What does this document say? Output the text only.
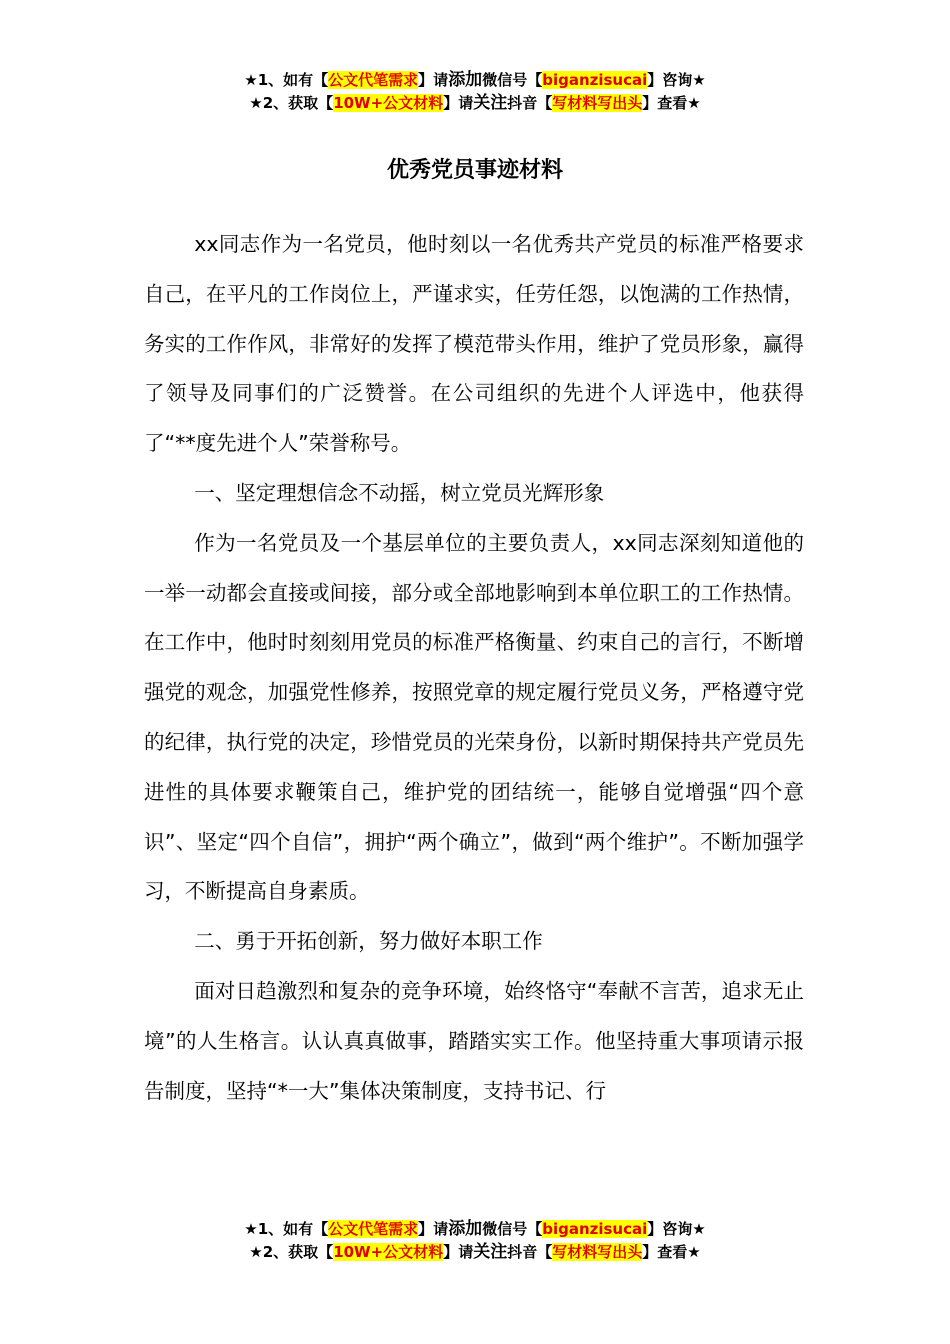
★1、如有【公文代笔需求】请添加微信号【biganzisucai】咨询★
★2、获取【10W+公文材料】请关注抖音【写材料写出头】查看★
优秀党员事迹材料

xx同志作为一名党员，他时刻以一名优秀共产党员的标准严格要求自己，在平凡的工作岗位上，严谨求实，任劳任怨，以饱满的工作热情，务实的工作作风，非常好的发挥了模范带头作用，维护了党员形象，赢得了领导及同事们的广泛赞誉。在公司组织的先进个人评选中，他获得了“**度先进个人”荣誉称号。

一、坚定理想信念不动摇，树立党员光辉形象

作为一名党员及一个基层单位的主要负责人，xx同志深刻知道他的一举一动都会直接或间接，部分或全部地影响到本单位职工的工作热情。在工作中，他时时刻刻用党员的标准严格衡量、约束自己的言行，不断增强党的观念，加强党性修养，按照党章的规定履行党员义务，严格遵守党的纪律，执行党的决定，珍惜党员的光荣身份，以新时期保持共产党员先进性的具体要求鞭策自己，维护党的团结统一，能够自觉增强“四个意识”、坚定“四个自信”，拥护“两个确立”，做到“两个维护”。不断加强学习，不断提高自身素质。

二、勇于开拓创新，努力做好本职工作

面对日趋激烈和复杂的竞争环境，始终恪守“奉献不言苦，追求无止境”的人生格言。认认真真做事，踏踏实实工作。他坚持重大事项请示报告制度，坚持“*一大”集体决策制度，支持书记、行

★1、如有【公文代笔需求】请添加微信号【biganzisucai】咨询★
★2、获取【10W+公文材料】请关注抖音【写材料写出头】查看★
